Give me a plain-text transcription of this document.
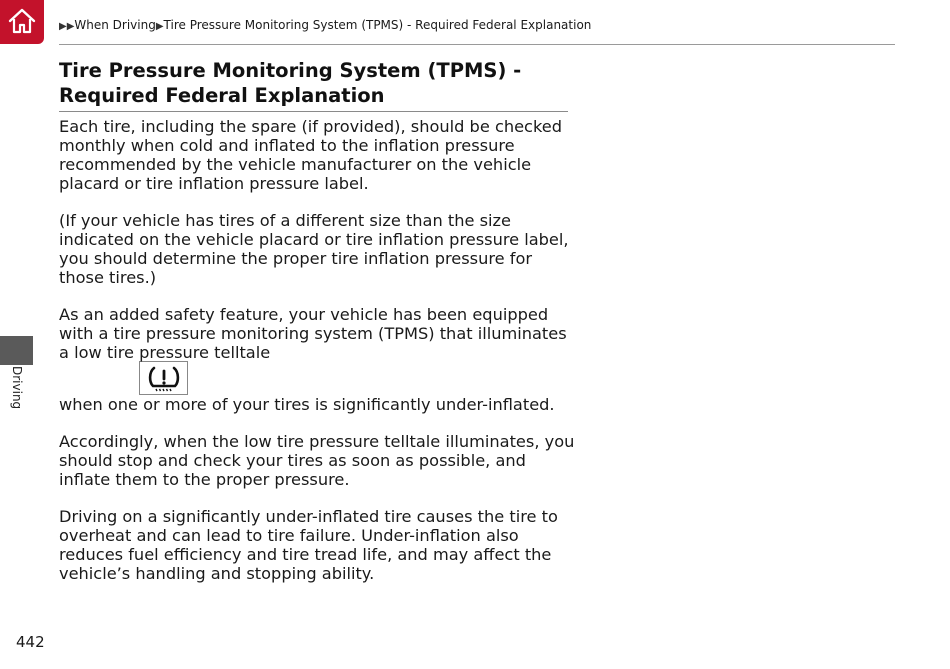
▶▶When Driving▶Tire Pressure Monitoring System (TPMS) - Required Federal Explanation
Tire Pressure Monitoring System (TPMS) - Required Federal Explanation

Each tire, including the spare (if provided), should be checked monthly when cold and inflated to the inflation pressure recommended by the vehicle manufacturer on the vehicle placard or tire inflation pressure label.

(If your vehicle has tires of a different size than the size indicated on the vehicle placard or tire inflation pressure label, you should determine the proper tire inflation pressure for those tires.)

As an added safety feature, your vehicle has been equipped with a tire pressure monitoring system (TPMS) that illuminates a low tire pressure telltale

when one or more of your tires is significantly under-inflated.

Accordingly, when the low tire pressure telltale illuminates, you should stop and check your tires as soon as possible, and inflate them to the proper pressure.

Driving on a significantly under-inflated tire causes the tire to overheat and can lead to tire failure. Under-inflation also reduces fuel efficiency and tire tread life, and may affect the vehicle’s handling and stopping ability.

Driving
442
